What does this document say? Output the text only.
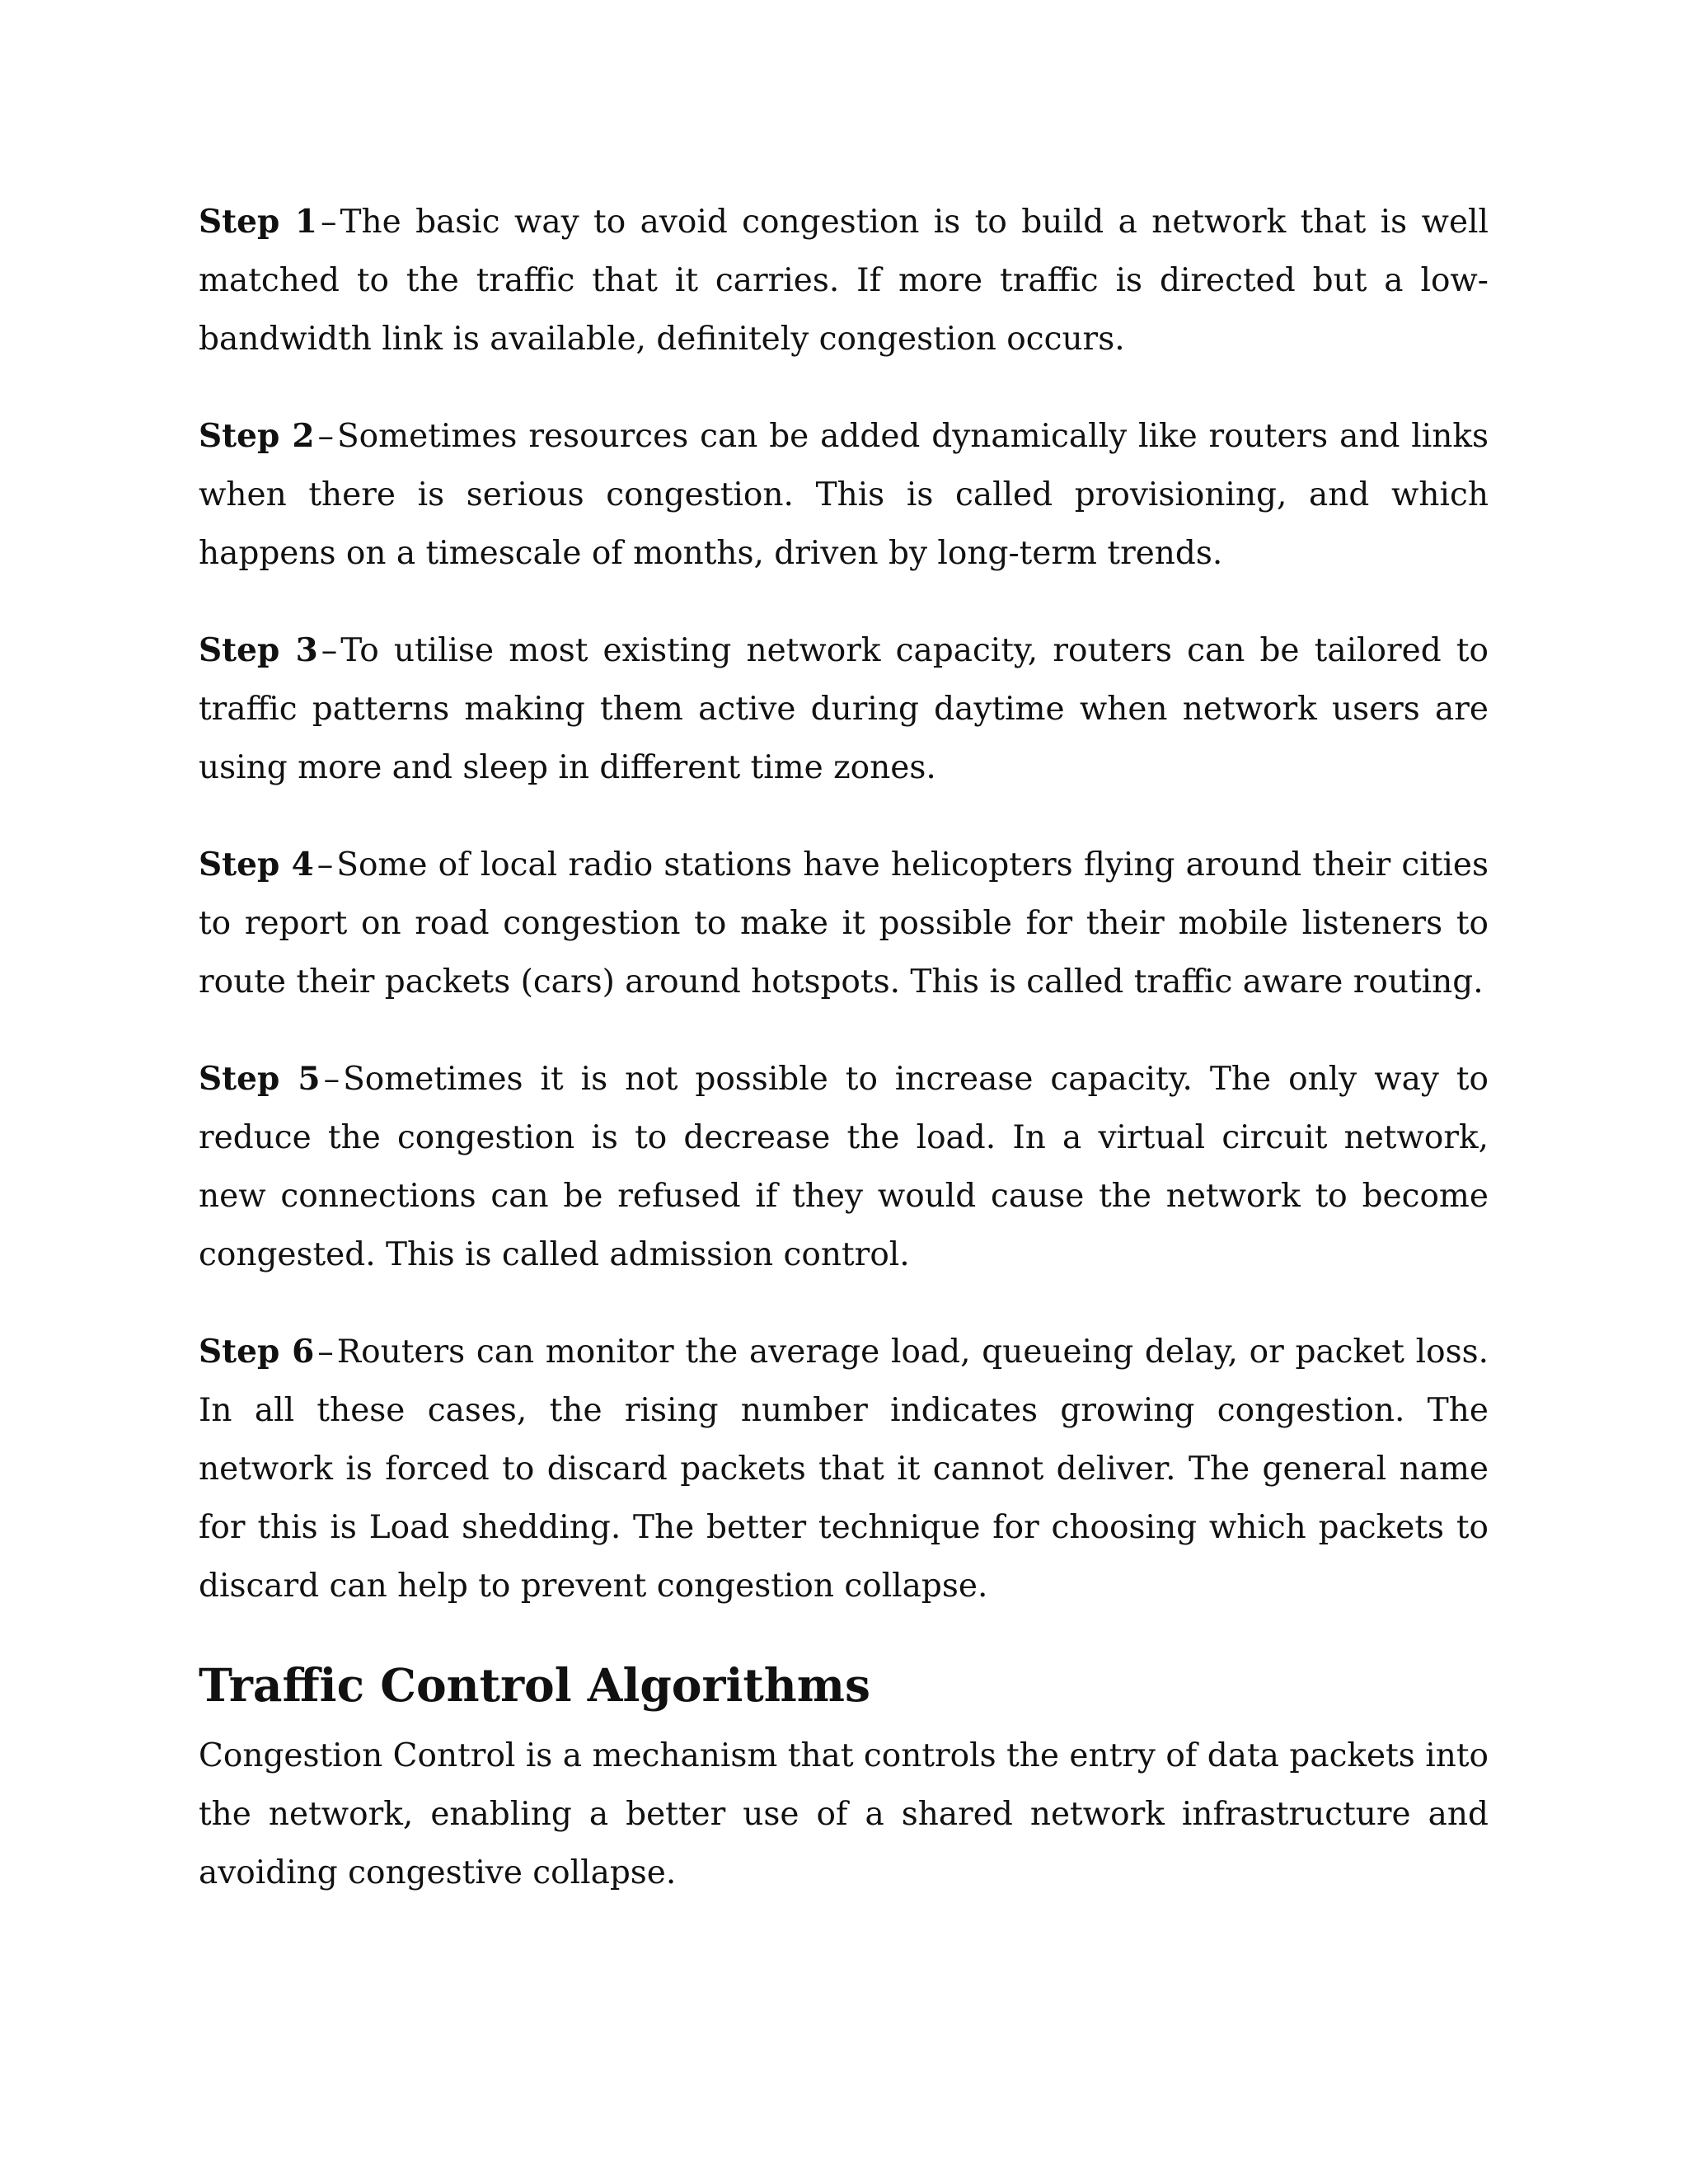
Step 1 – The basic way to avoid congestion is to build a network that is well matched to the traffic that it carries. If more traffic is directed but a low-bandwidth link is available, definitely congestion occurs.

Step 2 – Sometimes resources can be added dynamically like routers and links when there is serious congestion. This is called provisioning, and which happens on a timescale of months, driven by long-term trends.

Step 3 – To utilise most existing network capacity, routers can be tailored to traffic patterns making them active during daytime when network users are using more and sleep in different time zones.

Step 4 – Some of local radio stations have helicopters flying around their cities to report on road congestion to make it possible for their mobile listeners to route their packets (cars) around hotspots. This is called traffic aware routing.

Step 5 – Sometimes it is not possible to increase capacity. The only way to reduce the congestion is to decrease the load. In a virtual circuit network, new connections can be refused if they would cause the network to become congested. This is called admission control.

Step 6 – Routers can monitor the average load, queueing delay, or packet loss. In all these cases, the rising number indicates growing congestion. The network is forced to discard packets that it cannot deliver. The general name for this is Load shedding. The better technique for choosing which packets to discard can help to prevent congestion collapse.

Traffic Control Algorithms

Congestion Control is a mechanism that controls the entry of data packets into the network, enabling a better use of a shared network infrastructure and avoiding congestive collapse.
